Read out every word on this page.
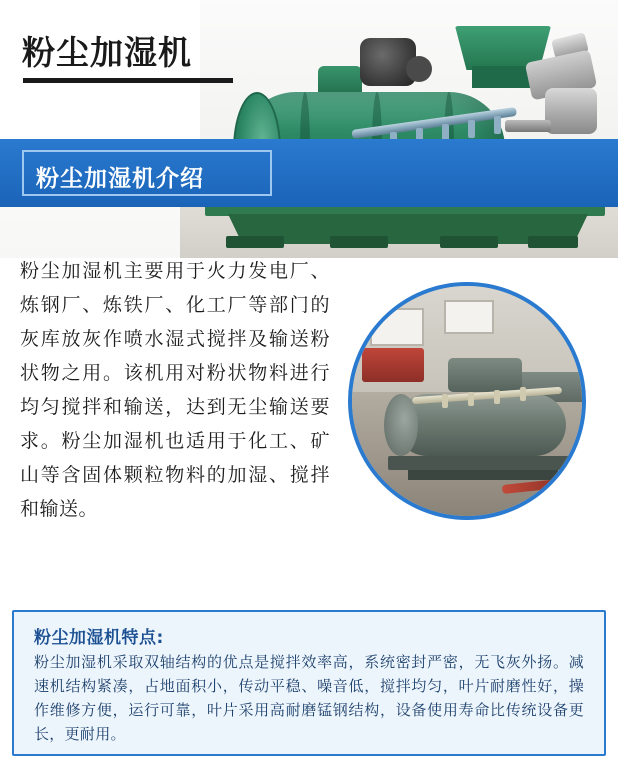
粉尘加湿机
粉尘加湿机介绍
粉尘加湿机主要用于火力发电厂、炼钢厂、炼铁厂、化工厂等部门的灰库放灰作喷水湿式搅拌及输送粉状物之用。该机用对粉状物料进行均匀搅拌和输送，达到无尘输送要求。粉尘加湿机也适用于化工、矿山等含固体颗粒物料的加湿、搅拌和输送。
粉尘加湿机特点:
粉尘加湿机采取双轴结构的优点是搅拌效率高，系统密封严密，无飞灰外扬。减速机结构紧凑，占地面积小，传动平稳、噪音低，搅拌均匀，叶片耐磨性好，操作维修方便，运行可靠，叶片采用高耐磨锰钢结构，设备使用寿命比传统设备更长，更耐用。
